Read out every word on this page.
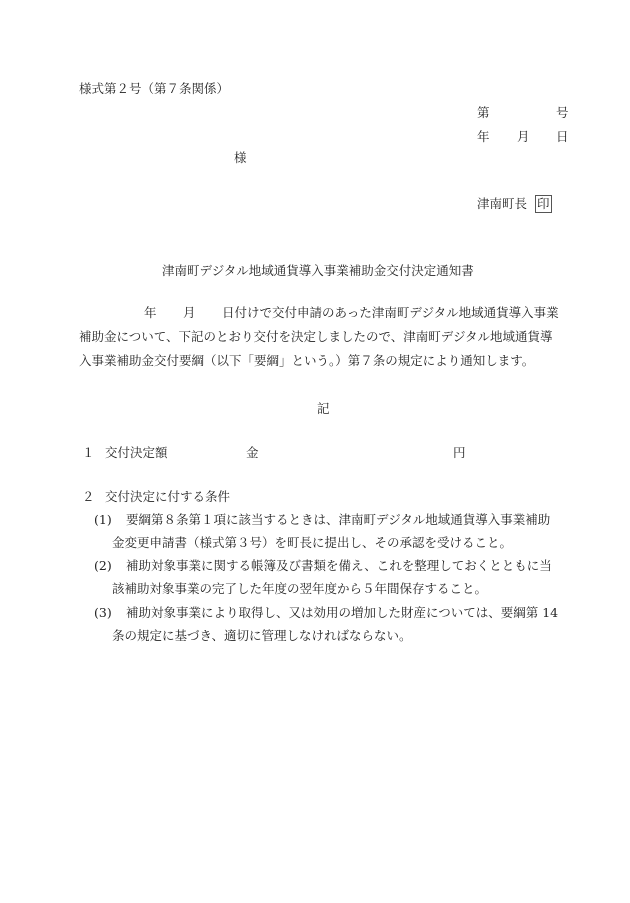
様式第２号（第７条関係）
第	号
年 月 日
様
津南町長 印
津南町デジタル地域通貨導入事業補助金交付決定通知書
年 月 日付けで交付申請のあった津南町デジタル地域通貨導入事業
補助金について、下記のとおり交付を決定しましたので、津南町デジタル地域通貨導
入事業補助金交付要綱（以下「要綱」という。）第７条の規定により通知します。
記
１ 交付決定額	金	円
２ 交付決定に付する条件
(1) 要綱第８条第１項に該当するときは、津南町デジタル地域通貨導入事業補助
金変更申請書（様式第３号）を町長に提出し、その承認を受けること。
(2) 補助対象事業に関する帳簿及び書類を備え、これを整理しておくとともに当
該補助対象事業の完了した年度の翌年度から５年間保存すること。
(3) 補助対象事業により取得し、又は効用の増加した財産については、要綱第 14
条の規定に基づき、適切に管理しなければならない。
